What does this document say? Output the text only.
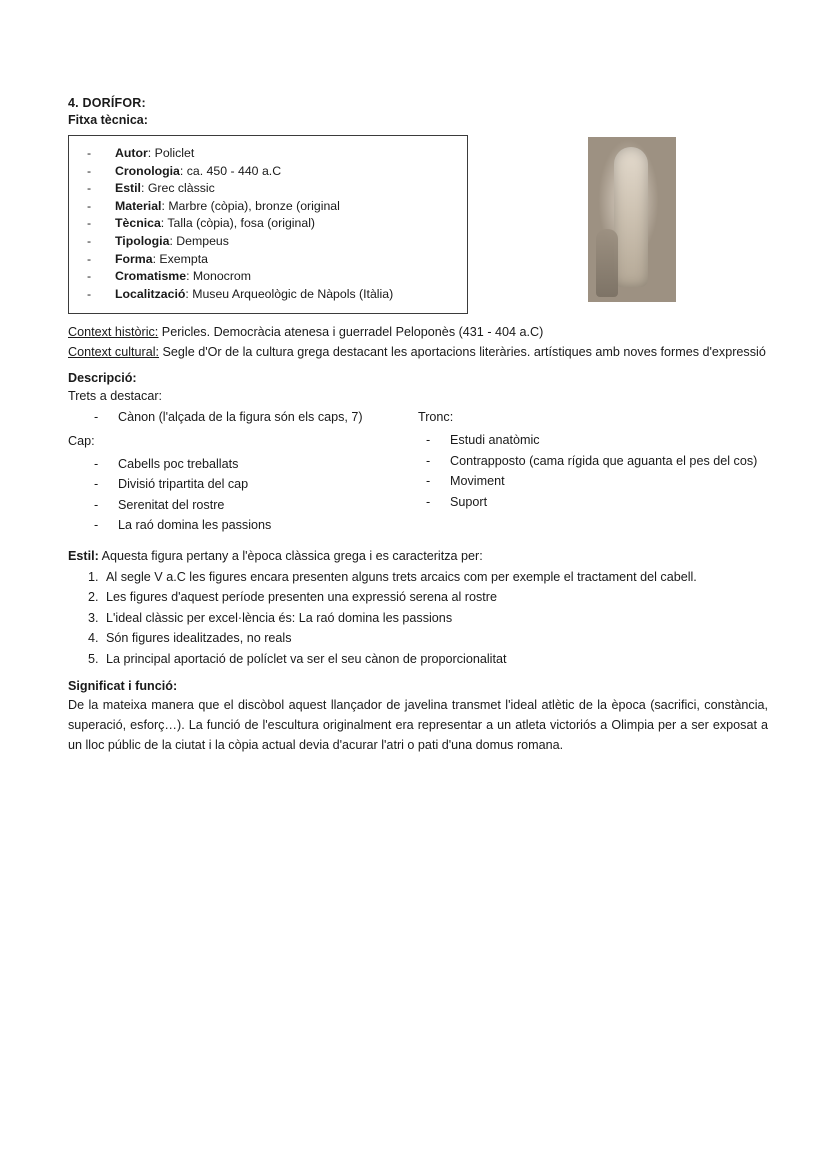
4. DORÍFOR:
Fitxa tècnica:
- Autor: Policlet
- Cronologia: ca. 450 - 440 a.C
- Estil: Grec clàssic
- Material: Marbre (còpia), bronze (original
- Tècnica: Talla (còpia), fosa (original)
- Tipologia: Dempeus
- Forma: Exempta
- Cromatisme: Monocrom
- Localització: Museu Arqueològic de Nàpols (Itàlia)
Context històric: Pericles. Democràcia atenesa i guerradel Peloponès (431 - 404 a.C)
Context cultural: Segle d'Or de la cultura grega destacant les aportacions literàries. artístiques amb noves formes d'expressió
Descripció:
Trets a destacar:
- Cànon (l'alçada de la figura són els caps, 7)
Cap:
- Cabells poc treballats
- Divisió tripartita del cap
- Serenitat del rostre
- La raó domina les passions
Tronc:
- Estudi anatòmic
- Contrapposto (cama rígida que aguanta el pes del cos)
- Moviment
- Suport
Estil: Aquesta figura pertany a l'època clàssica grega i es caracteritza per:
1. Al segle V a.C les figures encara presenten alguns trets arcaics com per exemple el tractament del cabell.
2. Les figures d'aquest període presenten una expressió serena al rostre
3. L'ideal clàssic per excel·lència és: La raó domina les passions
4. Són figures idealitzades, no reals
5. La principal aportació de políclet va ser el seu cànon de proporcionalitat
Significat i funció:
De la mateixa manera que el discòbol aquest llançador de javelina transmet l'ideal atlètic de la època (sacrifici, constància, superació, esforç…). La funció de l'escultura originalment era representar a un atleta victoriós a Olimpia per a ser exposat a un lloc públic de la ciutat i la còpia actual devia d'acurar l'atri o pati d'una domus romana.
